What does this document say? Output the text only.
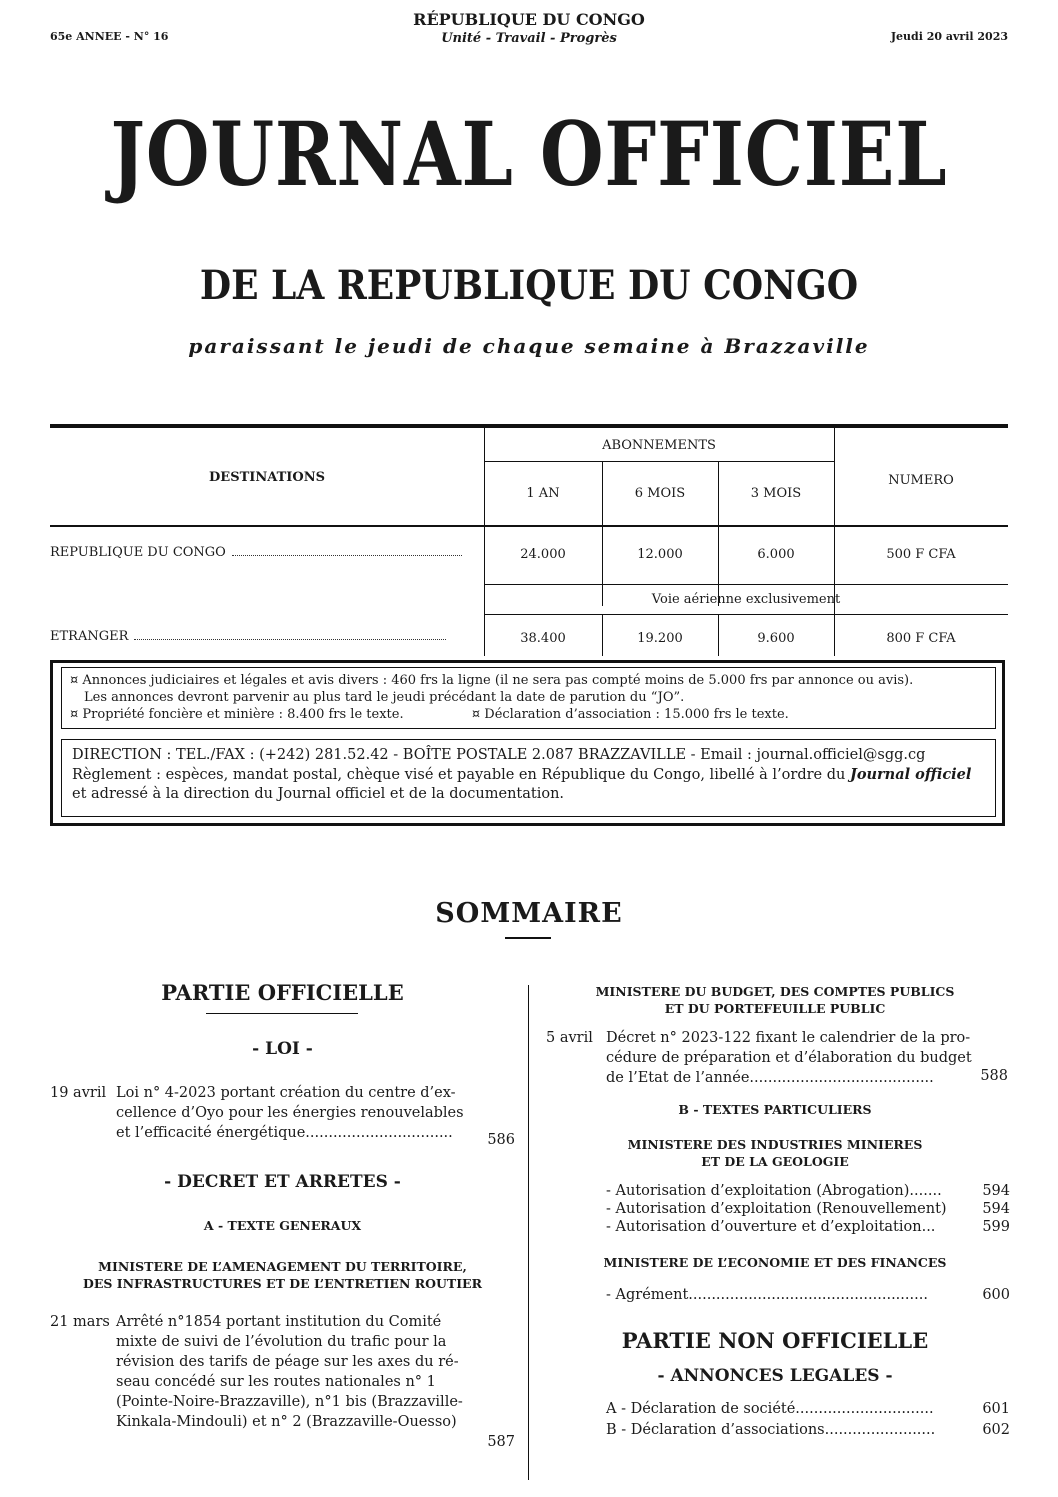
65e ANNEE - N° 16
RÉPUBLIQUE DU CONGO
Unité - Travail - Progrès	Jeudi 20 avril 2023
JOURNAL OFFICIEL
DE LA REPUBLIQUE DU CONGO
paraissant le jeudi de chaque semaine à Brazzaville
DESTINATIONS
ABONNEMENTS
NUMERO
1 AN	6 MOIS	3 MOIS
REPUBLIQUE DU CONGO	24.000	12.000	6.000	500 F CFA
Voie aérienne exclusivement
ETRANGER	38.400	19.200	9.600	800 F CFA
¤ Annonces judiciaires et légales et avis divers : 460 frs la ligne (il ne sera pas compté moins de 5.000 frs par annonce ou avis).
Les annonces devront parvenir au plus tard le jeudi précédant la date de parution du “JO”.
¤ Propriété foncière et minière : 8.400 frs le texte.	¤ Déclaration d’association : 15.000 frs le texte.
DIRECTION : TEL./FAX : (+242) 281.52.42 - BOÎTE POSTALE 2.087 BRAZZAVILLE - Email : journal.officiel@sgg.cg
Règlement : espèces, mandat postal, chèque visé et payable en République du Congo, libellé à l’ordre du Journal officiel
et adressé à la direction du Journal officiel et de la documentation.
SOMMAIRE
PARTIE OFFICIELLE
- LOI -
19 avril Loi n° 4-2023 portant création du centre d’ex-
cellence d’Oyo pour les énergies renouvelables
et l’efficacité énergétique................................	586
- DECRET ET ARRETES -
A - TEXTE GENERAUX
MINISTERE DE L’AMENAGEMENT DU TERRITOIRE,
DES INFRASTRUCTURES ET DE L’ENTRETIEN ROUTIER
21 mars Arrêté n°1854 portant institution du Comité
mixte de suivi de l’évolution du trafic pour la
révision des tarifs de péage sur les axes du ré-
seau concédé sur les routes nationales n° 1
(Pointe-Noire-Brazzaville), n°1 bis (Brazzaville-
Kinkala-Mindouli) et n° 2 (Brazzaville-Ouesso)
587
MINISTERE DU BUDGET, DES COMPTES PUBLICS
ET DU PORTEFEUILLE PUBLIC
5 avril Décret n° 2023-122 fixant le calendrier de la pro-
cédure de préparation et d’élaboration du budget
de l’Etat de l’année........................................	588
B - TEXTES PARTICULIERS
MINISTERE DES INDUSTRIES MINIERES
ET DE LA GEOLOGIE
- Autorisation d’exploitation (Abrogation).......	594
- Autorisation d’exploitation (Renouvellement)	594
- Autorisation d’ouverture et d’exploitation...	599
MINISTERE DE L’ECONOMIE ET DES FINANCES
- Agrément....................................................	600
PARTIE NON OFFICIELLE
- ANNONCES LEGALES -
A - Déclaration de société..............................	601
B - Déclaration d’associations........................	602
